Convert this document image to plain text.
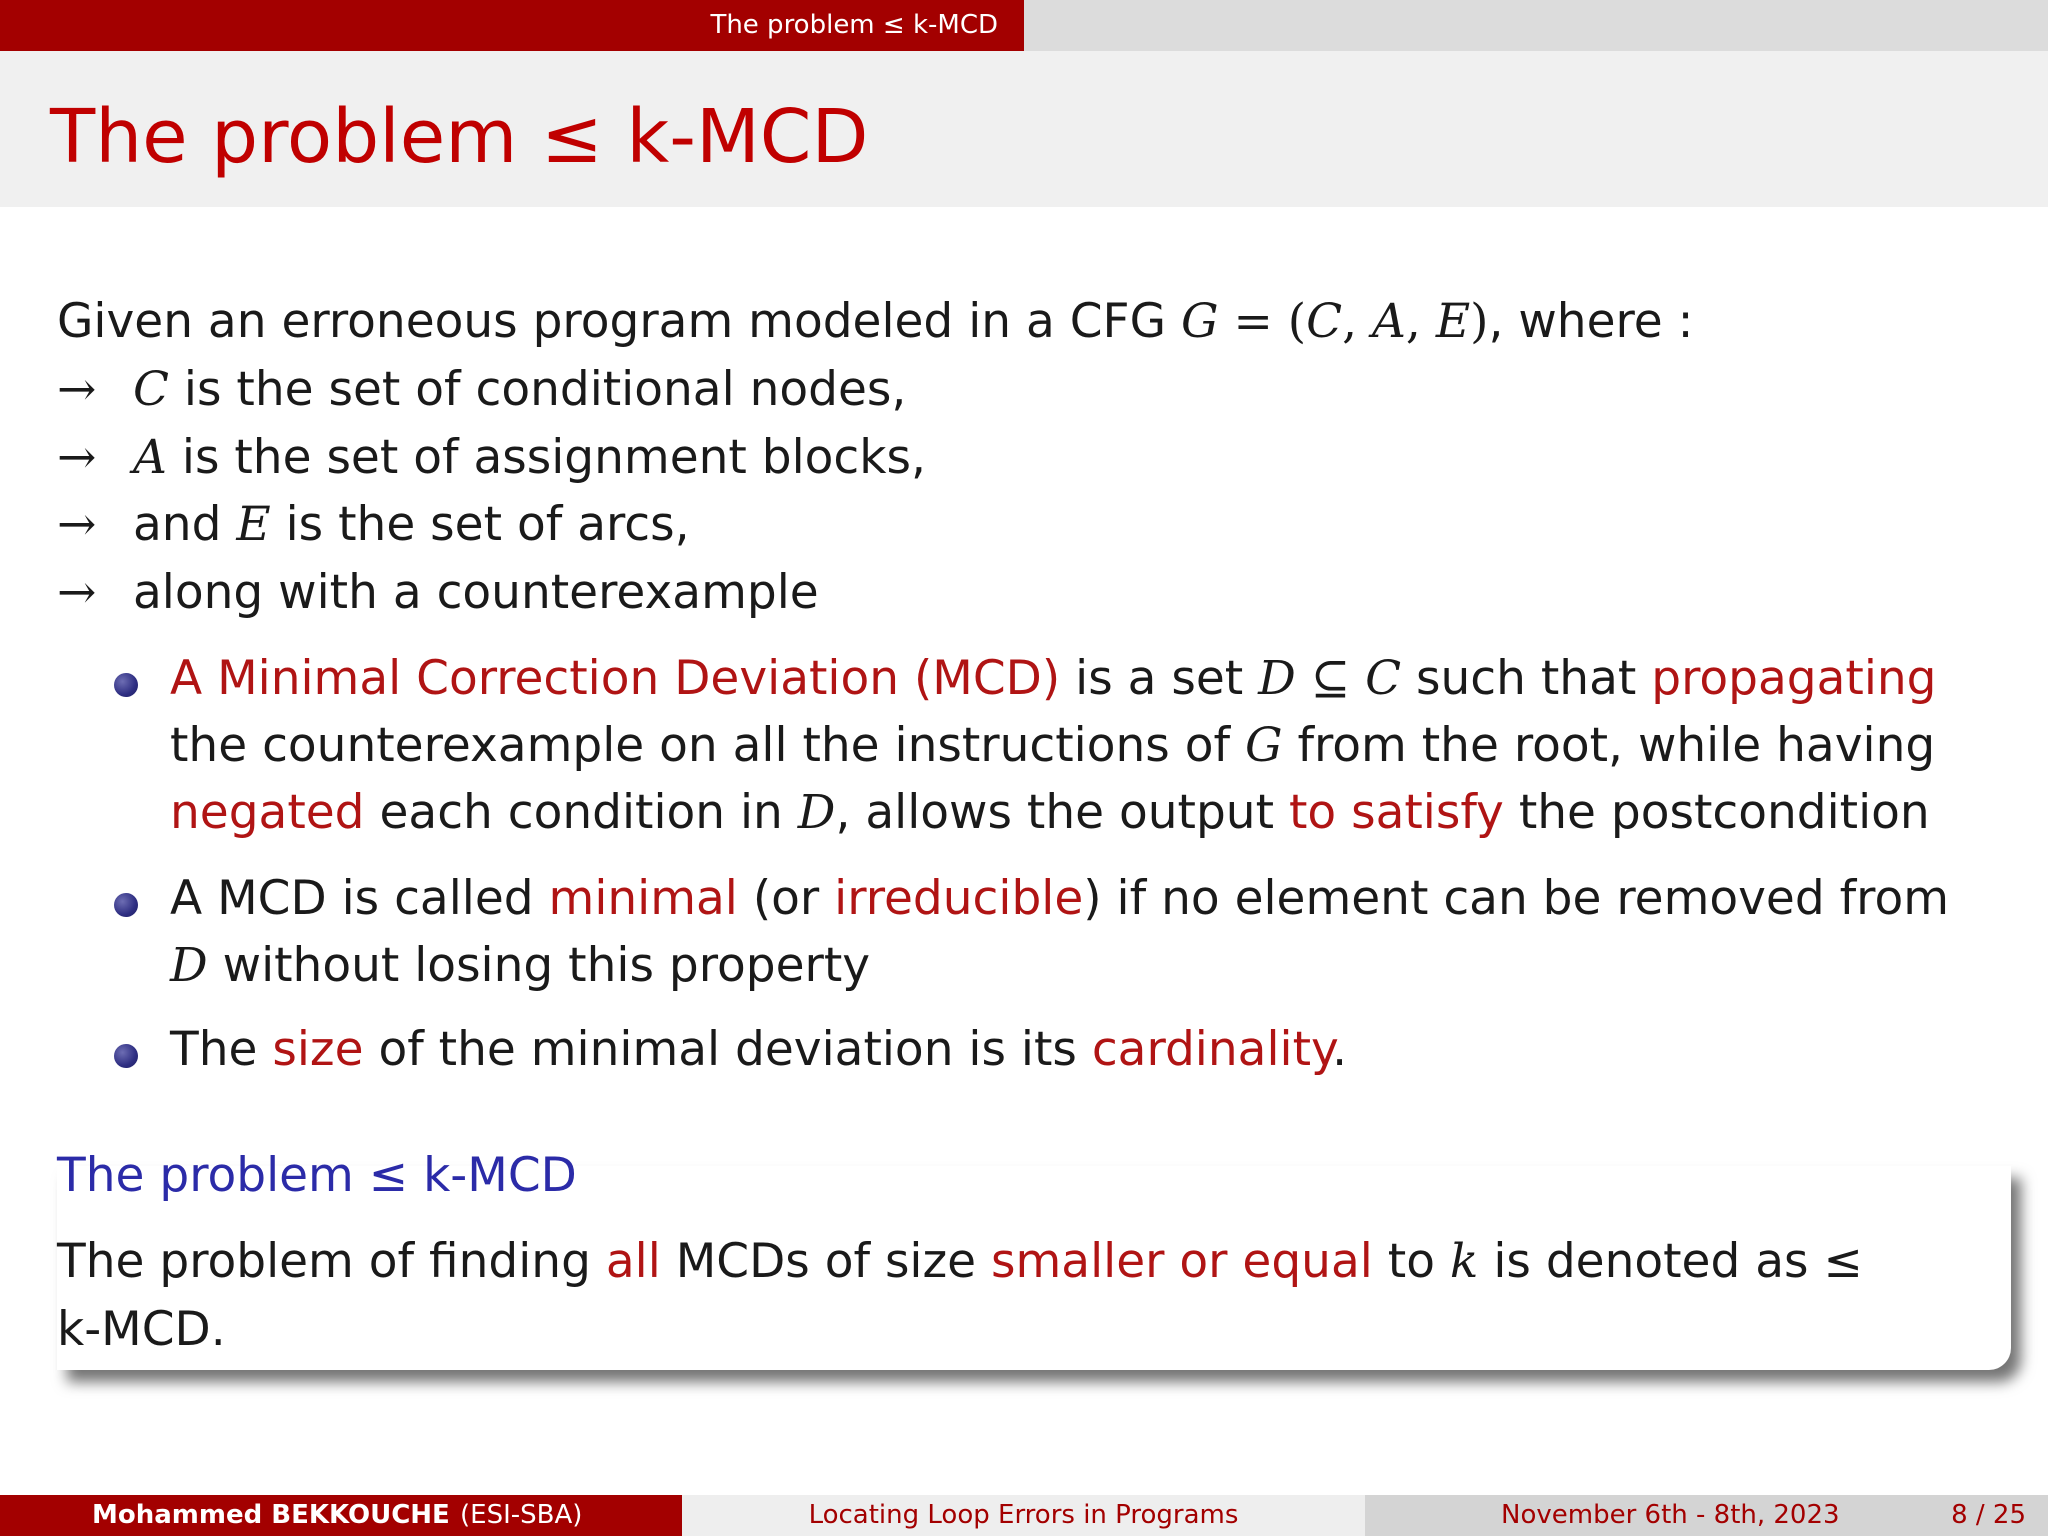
The problem ≤ k-MCD
The problem ≤ k-MCD
Given an erroneous program modeled in a CFG G = (C, A, E), where :
→ C is the set of conditional nodes,
→ A is the set of assignment blocks,
→ and E is the set of arcs,
→ along with a counterexample
A Minimal Correction Deviation (MCD) is a set D ⊆ C such that propagating
the counterexample on all the instructions of G from the root, while having
negated each condition in D, allows the output to satisfy the postcondition
A MCD is called minimal (or irreducible) if no element can be removed from
D without losing this property
The size of the minimal deviation is its cardinality.
The problem ≤ k-MCD
The problem of finding all MCDs of size smaller or equal to k is denoted as ≤
k-MCD.
Mohammed BEKKOUCHE (ESI-SBA)	Locating Loop Errors in Programs	November 6th - 8th, 2023	8 / 25
